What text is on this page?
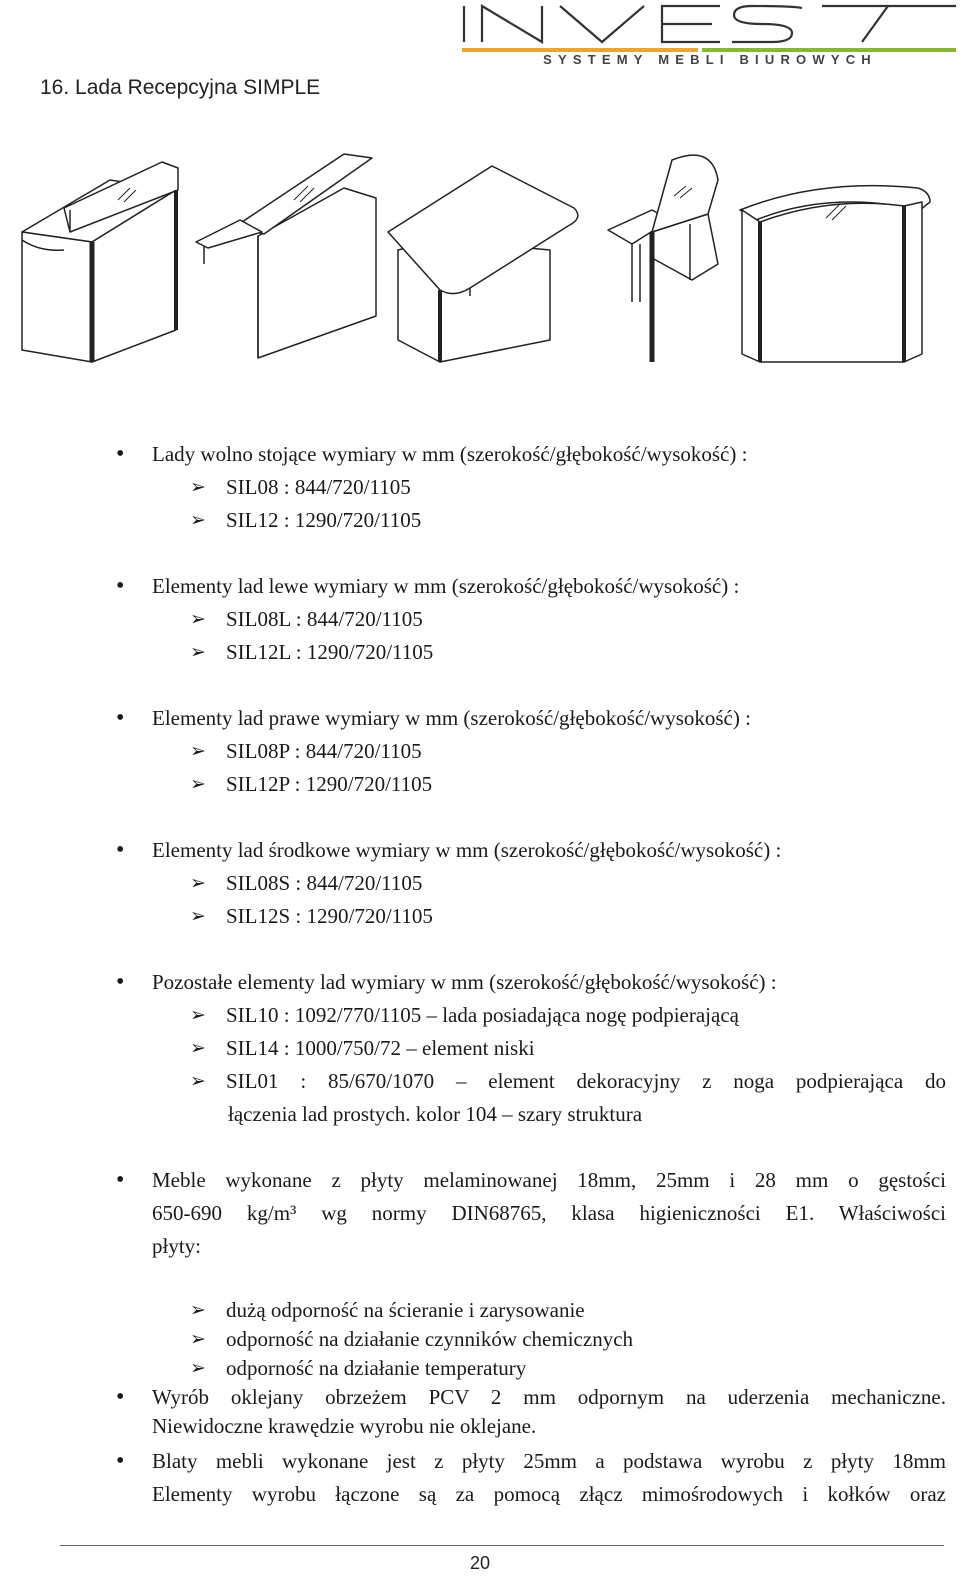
SYSTEMY MEBLI BIUROWYCH
16. Lada Recepcyjna SIMPLE
• Lady wolno stojące wymiary w mm (szerokość/głębokość/wysokość) :
➢ SIL08 : 844/720/1105
➢ SIL12 : 1290/720/1105
• Elementy lad lewe wymiary w mm (szerokość/głębokość/wysokość) :
➢ SIL08L : 844/720/1105
➢ SIL12L : 1290/720/1105
• Elementy lad prawe wymiary w mm (szerokość/głębokość/wysokość) :
➢ SIL08P : 844/720/1105
➢ SIL12P : 1290/720/1105
• Elementy lad środkowe wymiary w mm (szerokość/głębokość/wysokość) :
➢ SIL08S : 844/720/1105
➢ SIL12S : 1290/720/1105
• Pozostałe elementy lad wymiary w mm (szerokość/głębokość/wysokość) :
➢ SIL10 : 1092/770/1105 – lada posiadająca nogę podpierającą
➢ SIL14 : 1000/750/72 – element niski
➢ SIL01 : 85/670/1070 – element dekoracyjny z noga podpierająca do
łączenia lad prostych. kolor 104 – szary struktura
• Meble wykonane z płyty melaminowanej 18mm, 25mm i 28 mm o gęstości
650-690 kg/m³ wg normy DIN68765, klasa higieniczności E1. Właściwości
płyty:
➢ dużą odporność na ścieranie i zarysowanie
➢ odporność na działanie czynników chemicznych
➢ odporność na działanie temperatury
• Wyrób oklejany obrzeżem PCV 2 mm odpornym na uderzenia mechaniczne.
Niewidoczne krawędzie wyrobu nie oklejane.
• Blaty mebli wykonane jest z płyty 25mm a podstawa wyrobu z płyty 18mm
Elementy wyrobu łączone są za pomocą złącz mimośrodowych i kołków oraz
20
